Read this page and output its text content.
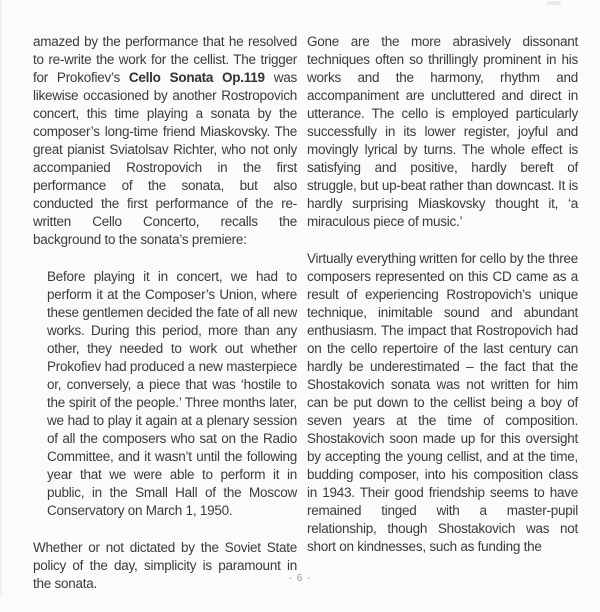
amazed by the performance that he resolved to re-write the work for the cellist. The trigger for Prokofiev’s Cello Sonata Op.119 was likewise occasioned by another Rostropovich concert, this time playing a sonata by the composer’s long-time friend Miaskovsky. The great pianist Sviatolsav Richter, who not only accompanied Rostropovich in the first performance of the sonata, but also conducted the first performance of the re-written Cello Concerto, recalls the background to the sonata’s premiere:

Before playing it in concert, we had to perform it at the Composer’s Union, where these gentlemen decided the fate of all new works. During this period, more than any other, they needed to work out whether Prokofiev had produced a new masterpiece or, conversely, a piece that was ‘hostile to the spirit of the people.’ Three months later, we had to play it again at a plenary session of all the composers who sat on the Radio Committee, and it wasn’t until the following year that we were able to perform it in public, in the Small Hall of the Moscow Conservatory on March 1, 1950.

Whether or not dictated by the Soviet State policy of the day, simplicity is paramount in the sonata.

Gone are the more abrasively dissonant techniques often so thrillingly prominent in his works and the harmony, rhythm and accompaniment are uncluttered and direct in utterance. The cello is employed particularly successfully in its lower register, joyful and movingly lyrical by turns. The whole effect is satisfying and positive, hardly bereft of struggle, but up-beat rather than downcast. It is hardly surprising Miaskovsky thought it, ‘a miraculous piece of music.’

Virtually everything written for cello by the three composers represented on this CD came as a result of experiencing Rostropovich’s unique technique, inimitable sound and abundant enthusiasm. The impact that Rostropovich had on the cello repertoire of the last century can hardly be underestimated – the fact that the Shostakovich sonata was not written for him can be put down to the cellist being a boy of seven years at the time of composition. Shostakovich soon made up for this oversight by accepting the young cellist, and at the time, budding composer, into his composition class in 1943. Their good friendship seems to have remained tinged with a master-pupil relationship, though Shostakovich was not short on kindnesses, such as funding the

- 6 -
